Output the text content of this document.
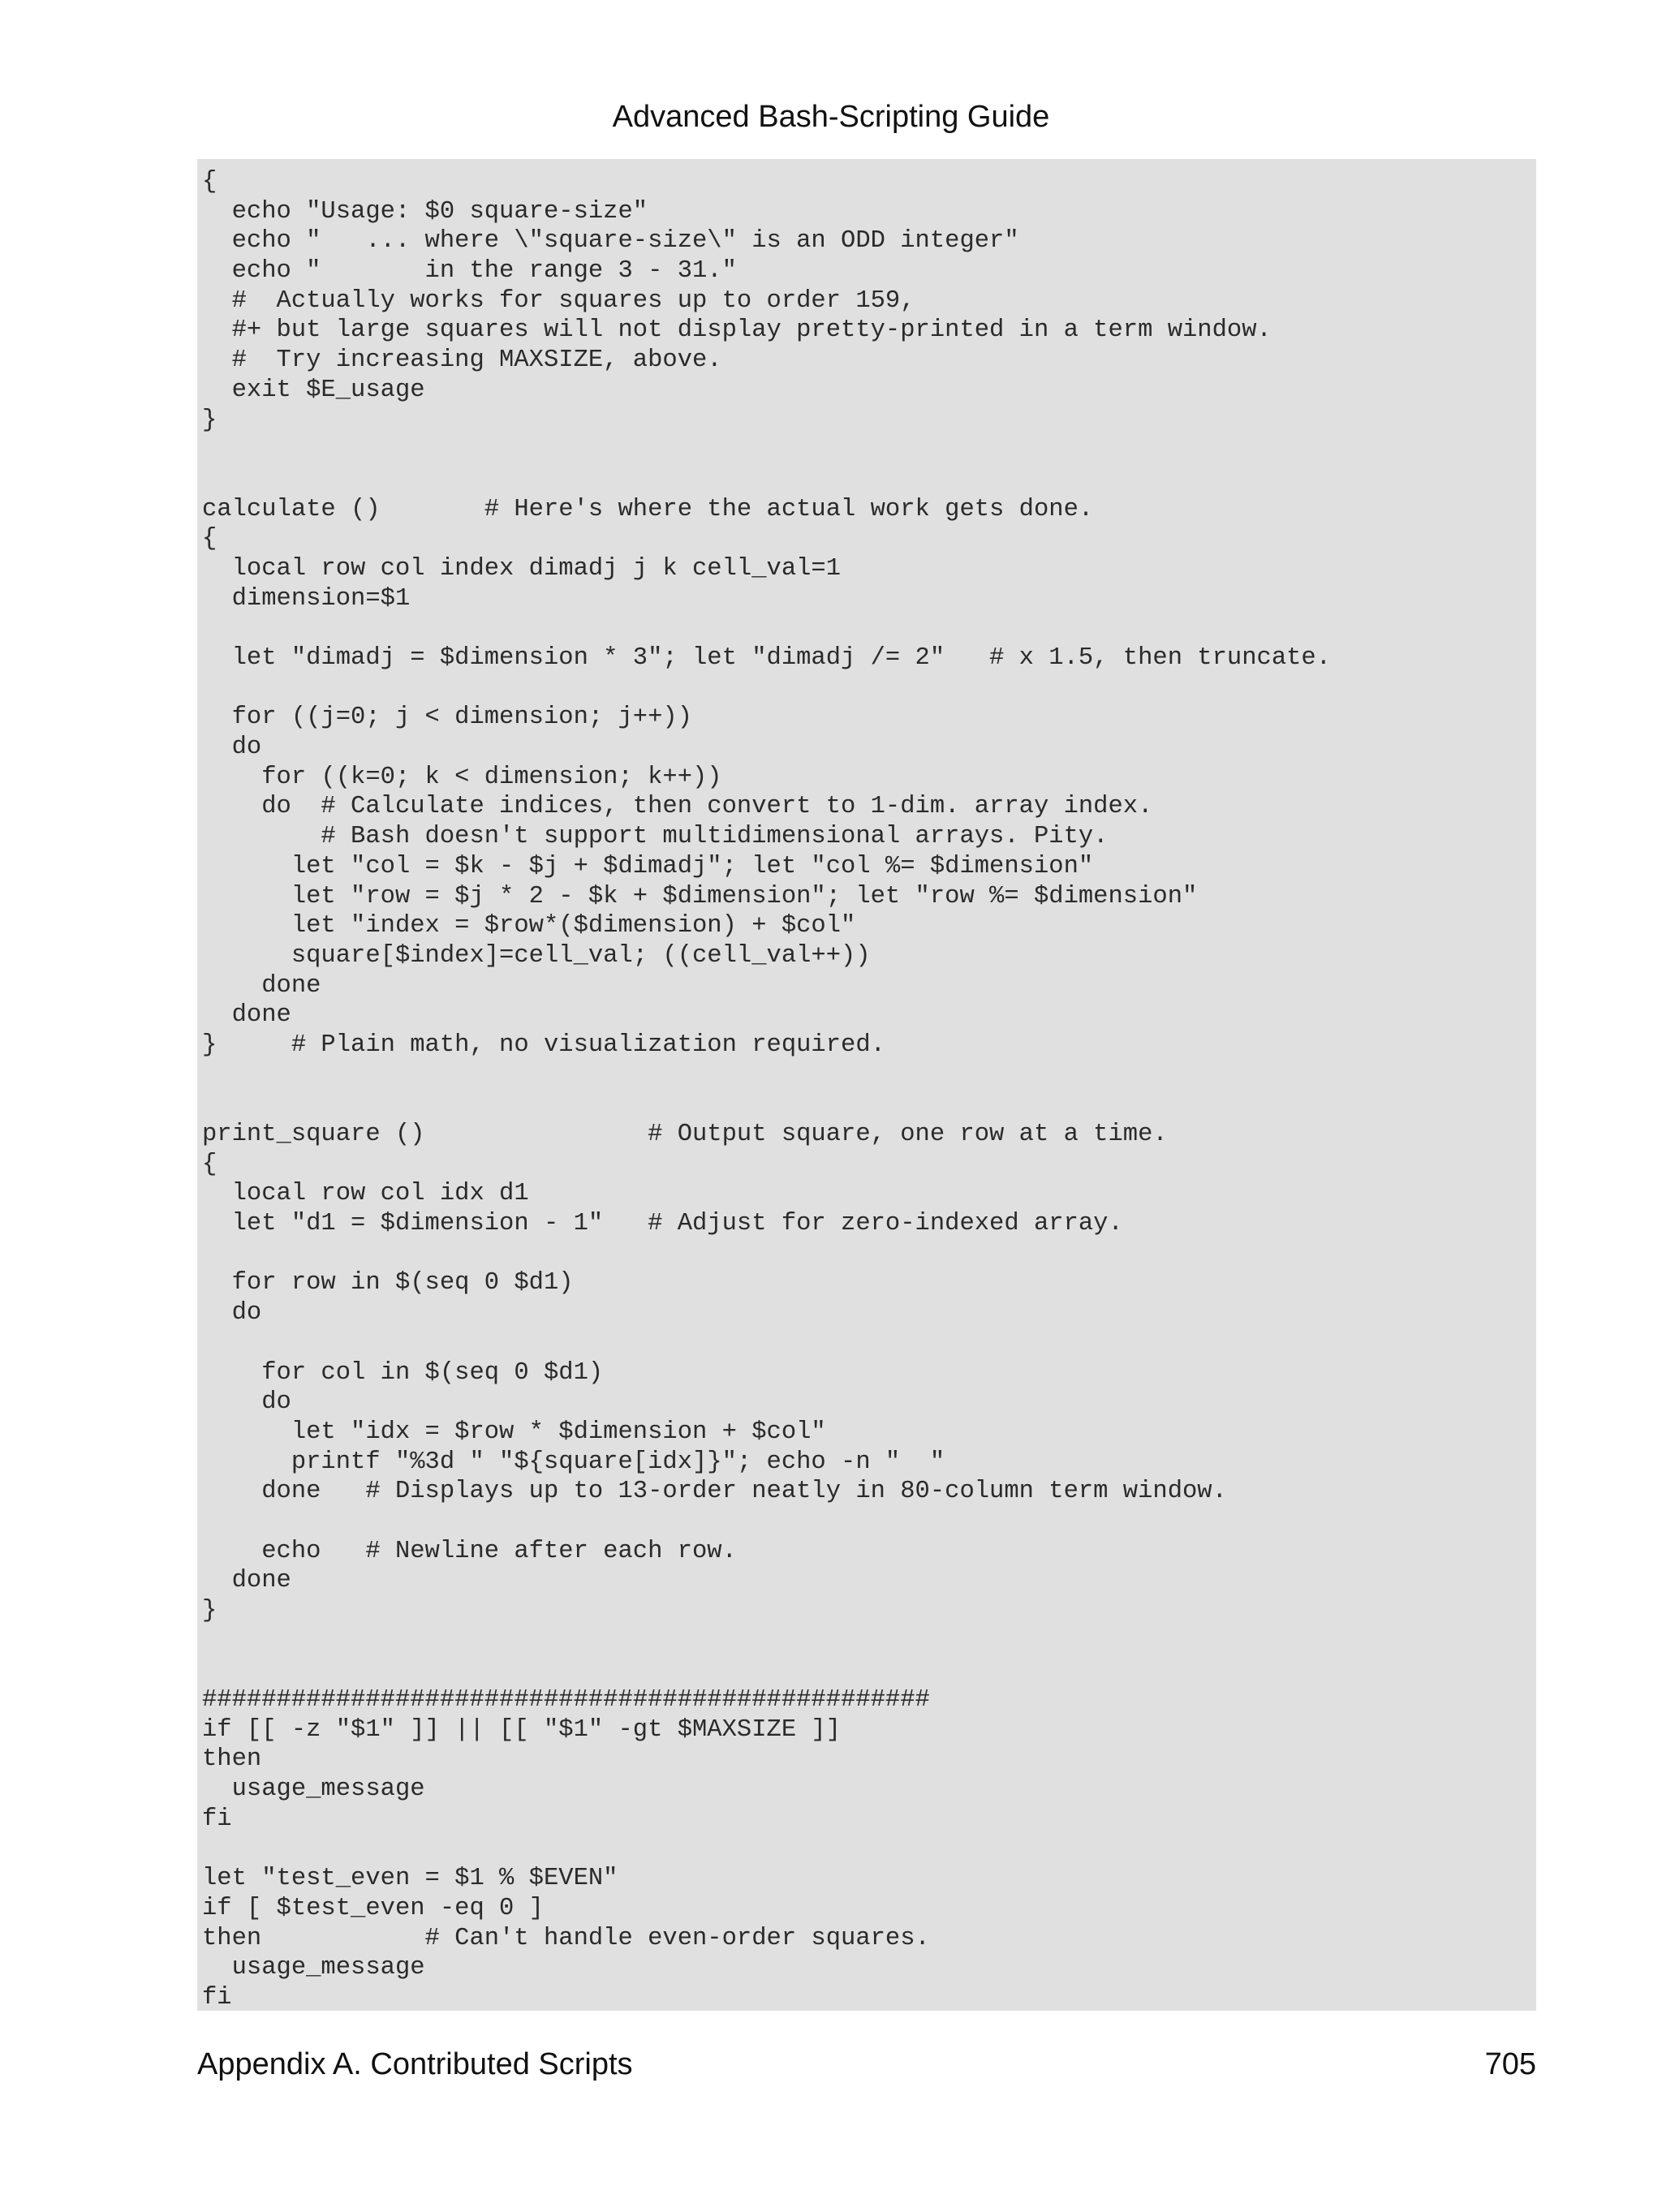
Advanced Bash-Scripting Guide
{
echo "Usage: $0 square-size"
echo "   ... where \"square-size\" is an ODD integer"
echo "       in the range 3 - 31."
#  Actually works for squares up to order 159,
#+ but large squares will not display pretty-printed in a term window.
#  Try increasing MAXSIZE, above.
exit $E_usage
}
calculate ()       # Here's where the actual work gets done.
{
local row col index dimadj j k cell_val=1
dimension=$1
let "dimadj = $dimension * 3"; let "dimadj /= 2"   # x 1.5, then truncate.
for ((j=0; j < dimension; j++))
do
for ((k=0; k < dimension; k++))
do  # Calculate indices, then convert to 1-dim. array index.
# Bash doesn't support multidimensional arrays. Pity.
let "col = $k - $j + $dimadj"; let "col %= $dimension"
let "row = $j * 2 - $k + $dimension"; let "row %= $dimension"
let "index = $row*($dimension) + $col"
square[$index]=cell_val; ((cell_val++))
done
done
}     # Plain math, no visualization required.
print_square ()               # Output square, one row at a time.
{
local row col idx d1
let "d1 = $dimension - 1"   # Adjust for zero-indexed array.
for row in $(seq 0 $d1)
do
for col in $(seq 0 $d1)
do
let "idx = $row * $dimension + $col"
printf "%3d " "${square[idx]}"; echo -n "  "
done   # Displays up to 13-order neatly in 80-column term window.
echo   # Newline after each row.
done
}
#################################################
if [[ -z "$1" ]] || [[ "$1" -gt $MAXSIZE ]]
then
usage_message
fi
let "test_even = $1 % $EVEN"
if [ $test_even -eq 0 ]
then           # Can't handle even-order squares.
usage_message
fi
Appendix A. Contributed Scripts	705
